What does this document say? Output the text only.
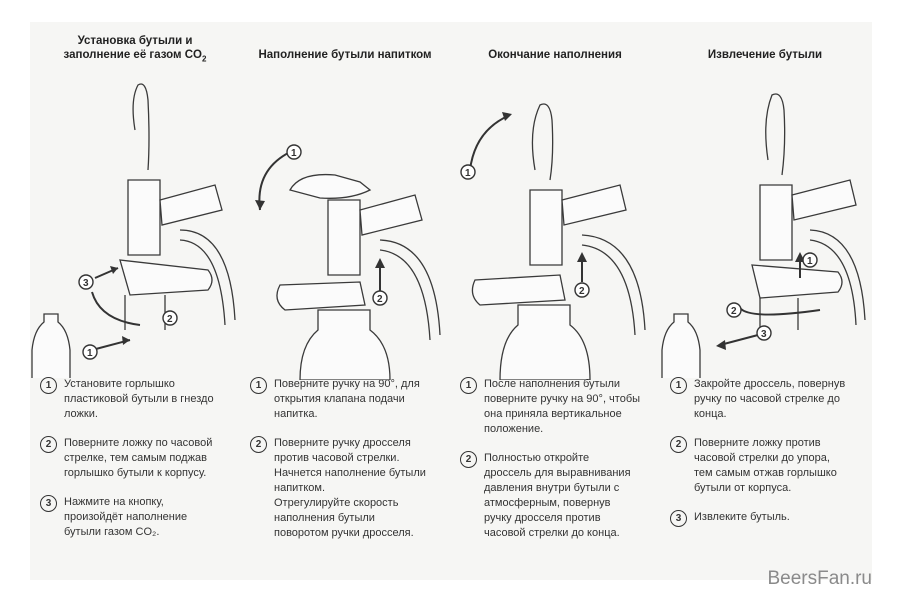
Установка бутыли и
заполнение её газом $CO_2$
1
2
3
1	Установите горлышко
пластиковой бутыли в гнездо
ложки.
2	Поверните ложку по часовой
стрелке, тем самым поджав
горлышко бутыли к корпусу.
3	Нажмите на кнопку,
произойдёт наполнение
бутыли газом CO₂.
Наполнение бутыли напитком
1
2
1	Поверните ручку на 90°, для
открытия клапана подачи
напитка.
2	Поверните ручку дросселя
против часовой стрелки.
Начнется наполнение бутыли
напитком.
Отрегулируйте скорость
наполнения бутыли
поворотом ручки дросселя.
Окончание наполнения
1
2
1	После наполнения бутыли
поверните ручку на 90°, чтобы
она приняла вертикальное
положение.
2	Полностью откройте
дроссель для выравнивания
давления внутри бутыли с
атмосферным, повернув
ручку дросселя против
часовой стрелки до конца.
Извлечение бутыли
1
2
3
1	Закройте дроссель, повернув
ручку по часовой стрелке до
конца.
2	Поверните ложку против
часовой стрелки до упора,
тем самым отжав горлышко
бутыли от корпуса.
3	Извлеките бутыль.
BeersFan.ru
